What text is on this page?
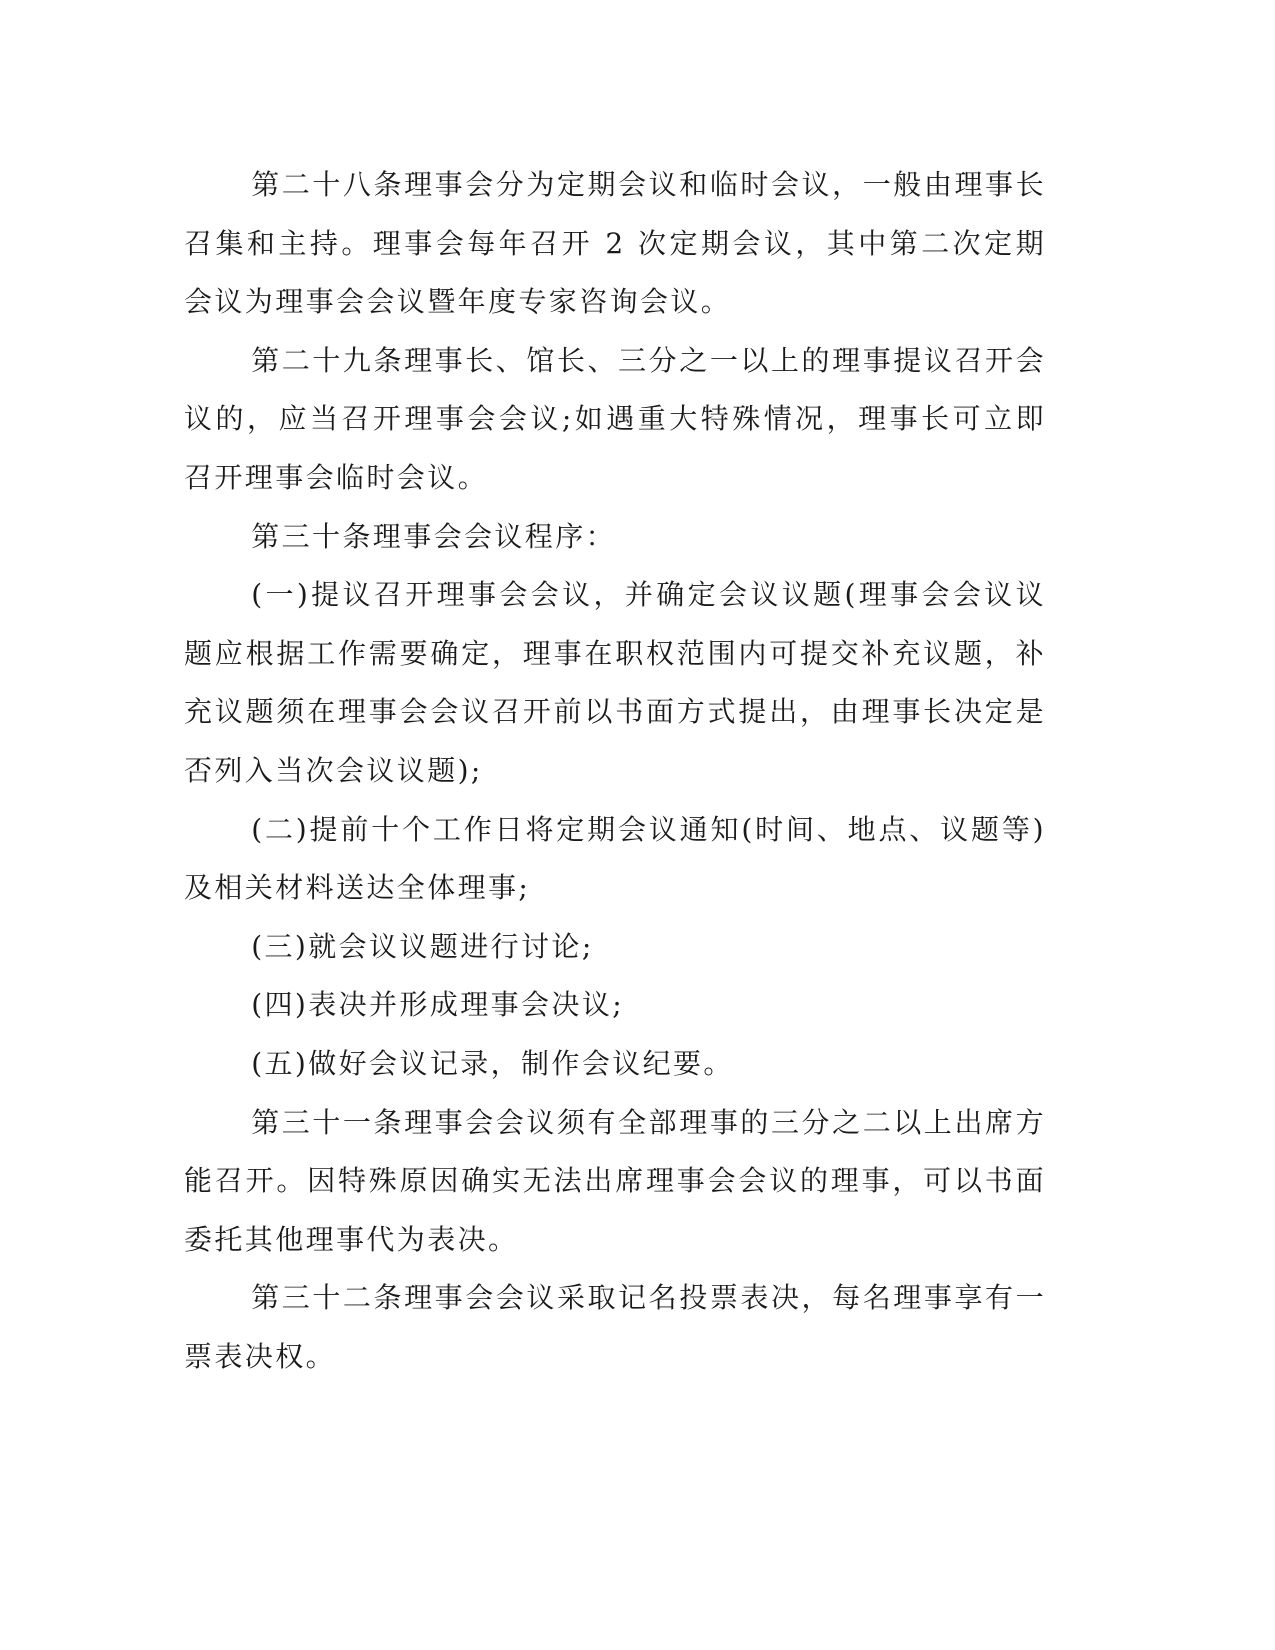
第二十八条理事会分为定期会议和临时会议，一般由理事长召集和主持。理事会每年召开 2 次定期会议，其中第二次定期会议为理事会会议暨年度专家咨询会议。

第二十九条理事长、馆长、三分之一以上的理事提议召开会议的，应当召开理事会会议;如遇重大特殊情况，理事长可立即召开理事会临时会议。

第三十条理事会会议程序：

(一)提议召开理事会会议，并确定会议议题(理事会会议议题应根据工作需要确定，理事在职权范围内可提交补充议题，补充议题须在理事会会议召开前以书面方式提出，由理事长决定是否列入当次会议议题);

(二)提前十个工作日将定期会议通知(时间、地点、议题等)及相关材料送达全体理事;

(三)就会议议题进行讨论;

(四)表决并形成理事会决议;

(五)做好会议记录，制作会议纪要。

第三十一条理事会会议须有全部理事的三分之二以上出席方能召开。因特殊原因确实无法出席理事会会议的理事，可以书面委托其他理事代为表决。

第三十二条理事会会议采取记名投票表决，每名理事享有一票表决权。
